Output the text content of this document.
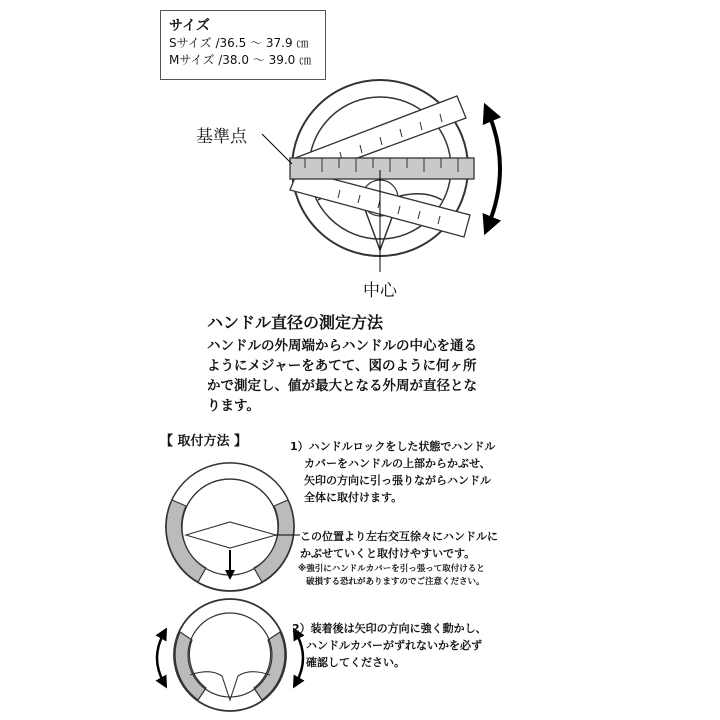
サイズ
Sサイズ /36.5 ～ 37.9 ㎝
Mサイズ /38.0 ～ 39.0 ㎝
基準点
中心
ハンドル直径の測定方法
ハンドルの外周端からハンドルの中心を通る
ようにメジャーをあてて、図のように何ヶ所
かで測定し、値が最大となる外周が直径とな
ります。
【 取付方法 】	1）ハンドルロックをした状態でハンドル
カバーをハンドルの上部からかぶせ、
矢印の方向に引っ張りながらハンドル
全体に取付けます。
この位置より左右交互徐々にハンドルに
かぶせていくと取付けやすいです。
※強引にハンドルカバーを引っ張って取付けると
破損する恐れがありますのでご注意ください。
2）装着後は矢印の方向に強く動かし、
ハンドルカバーがずれないかを必ず
確認してください。
